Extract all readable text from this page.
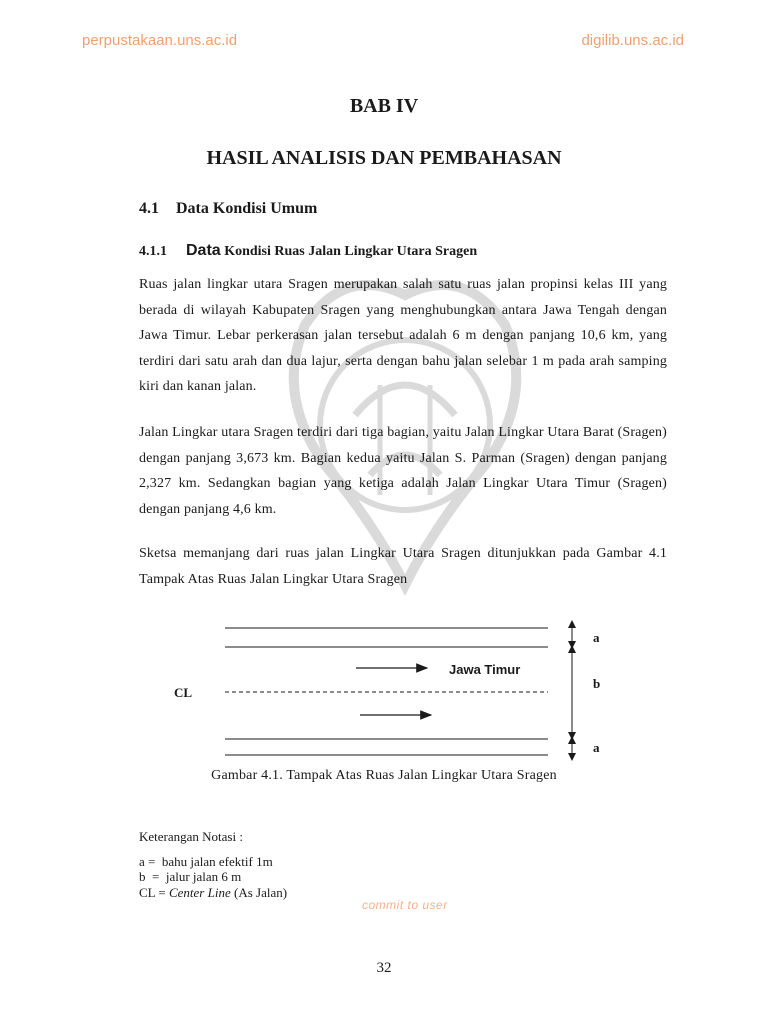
perpustakaan.uns.ac.id	digilib.uns.ac.id
BAB IV
HASIL ANALISIS DAN PEMBAHASAN
4.1 Data Kondisi Umum
4.1.1 Data Kondisi Ruas Jalan Lingkar Utara Sragen
Ruas jalan lingkar utara Sragen merupakan salah satu ruas jalan propinsi kelas III yang berada di wilayah Kabupaten Sragen yang menghubungkan antara Jawa Tengah dengan Jawa Timur. Lebar perkerasan jalan tersebut adalah 6 m dengan panjang 10,6 km, yang terdiri dari satu arah dan dua lajur, serta dengan bahu jalan selebar 1 m pada arah samping kiri dan kanan jalan.
Jalan Lingkar utara Sragen terdiri dari tiga bagian, yaitu Jalan Lingkar Utara Barat (Sragen) dengan panjang 3,673 km. Bagian kedua yaitu Jalan S. Parman (Sragen) dengan panjang 2,327 km. Sedangkan bagian yang ketiga adalah Jalan Lingkar Utara Timur (Sragen) dengan panjang 4,6 km.
Sketsa memanjang dari ruas jalan Lingkar Utara Sragen ditunjukkan pada Gambar 4.1 Tampak Atas Ruas Jalan Lingkar Utara Sragen
Jawa Timur
CL
a
b
a
Gambar 4.1. Tampak Atas Ruas Jalan Lingkar Utara Sragen
Keterangan Notasi :
a =  bahu jalan efektif 1m
b  =  jalur jalan 6 m
CL = Center Line (As Jalan)
commit to user
32
